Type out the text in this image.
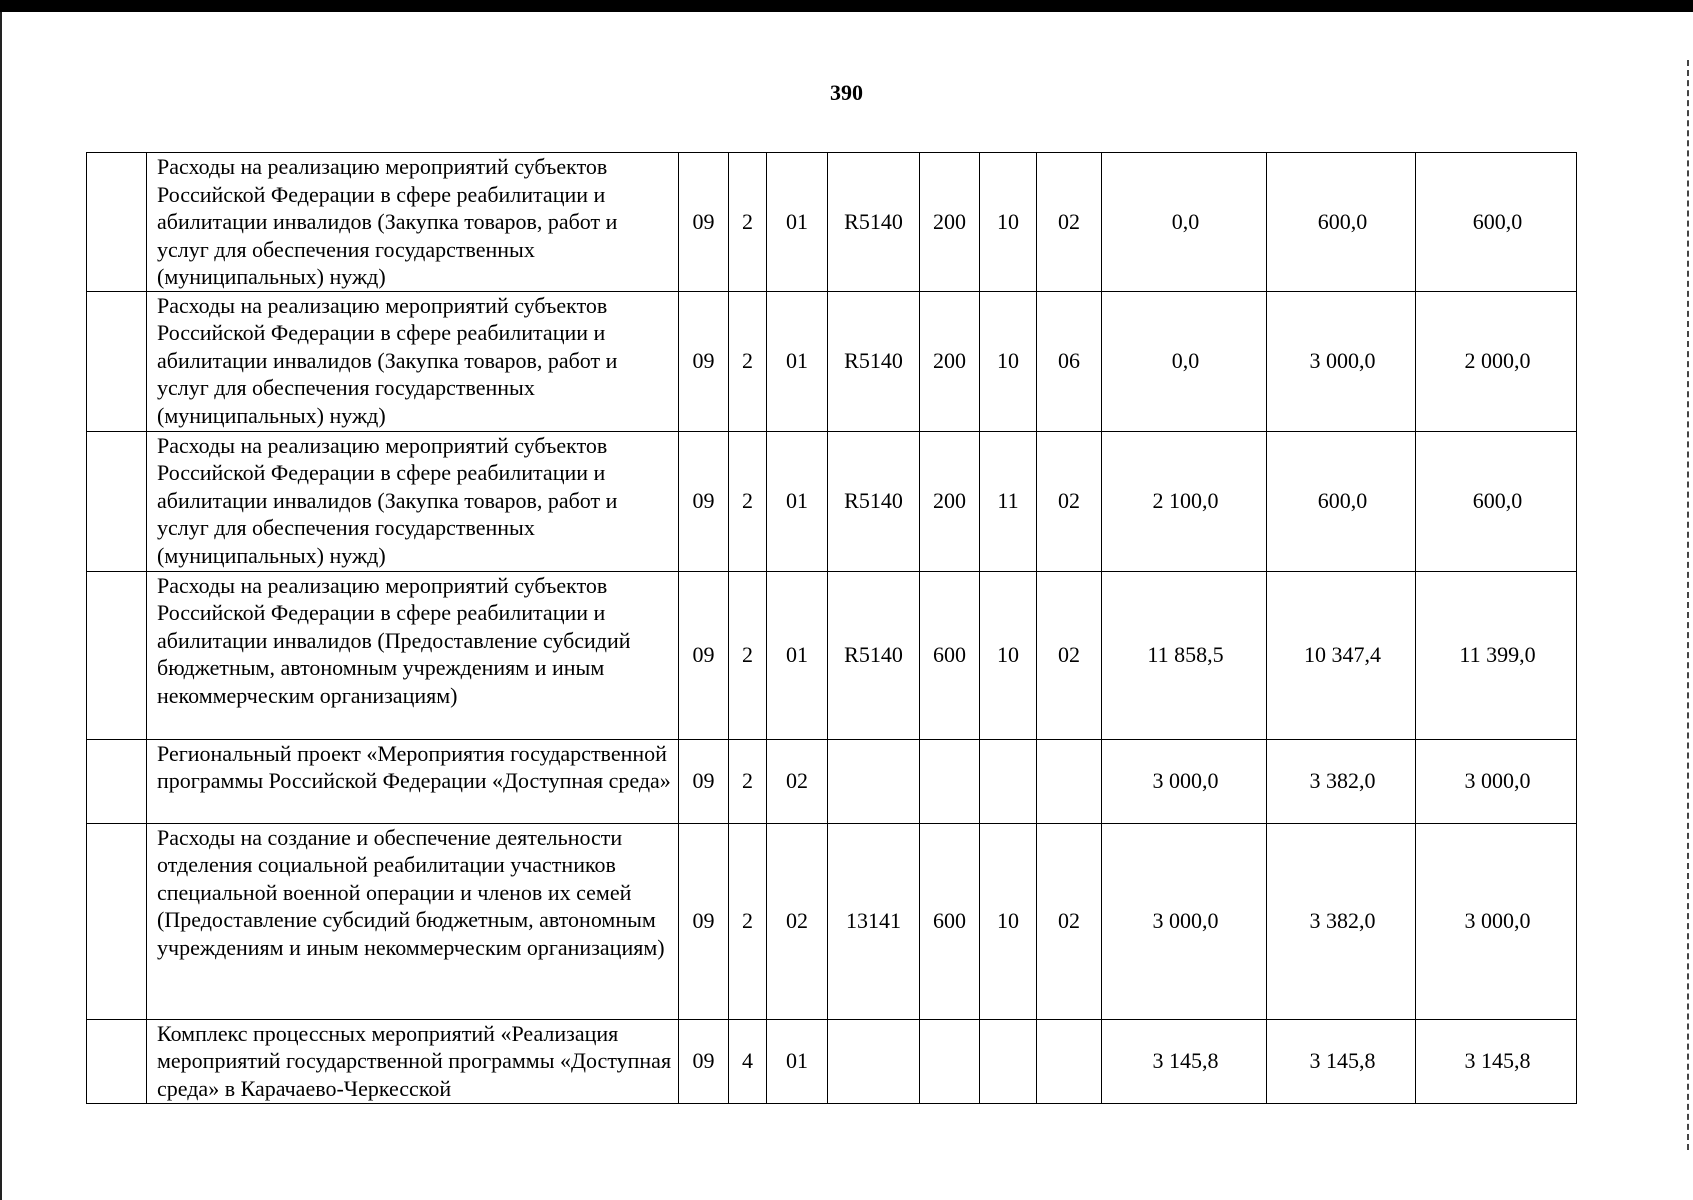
390
	Расходы на реализацию мероприятий субъектов Российской Федерации в сфере реабилитации и абилитации инвалидов (Закупка товаров, работ и услуг для обеспечения государственных (муниципальных) нужд)	09	2	01	R5140	200	10	02	0,0	600,0	600,0
	Расходы на реализацию мероприятий субъектов Российской Федерации в сфере реабилитации и абилитации инвалидов (Закупка товаров, работ и услуг для обеспечения государственных (муниципальных) нужд)	09	2	01	R5140	200	10	06	0,0	3 000,0	2 000,0
	Расходы на реализацию мероприятий субъектов Российской Федерации в сфере реабилитации и абилитации инвалидов (Закупка товаров, работ и услуг для обеспечения государственных (муниципальных) нужд)	09	2	01	R5140	200	11	02	2 100,0	600,0	600,0
	Расходы на реализацию мероприятий субъектов Российской Федерации в сфере реабилитации и абилитации инвалидов (Предоставление субсидий бюджетным, автономным учреждениям и иным некоммерческим организациям)	09	2	01	R5140	600	10	02	11 858,5	10 347,4	11 399,0
	Региональный проект «Мероприятия государственной программы Российской Федерации «Доступная среда»	09	2	02					3 000,0	3 382,0	3 000,0
	Расходы на создание и обеспечение деятельности отделения социальной реабилитации участников специальной военной операции и членов их семей (Предоставление субсидий бюджетным, автономным учреждениям и иным некоммерческим организациям)	09	2	02	13141	600	10	02	3 000,0	3 382,0	3 000,0
	Комплекс процессных мероприятий «Реализация мероприятий государственной программы «Доступная среда» в Карачаево-Черкесской	09	4	01					3 145,8	3 145,8	3 145,8
